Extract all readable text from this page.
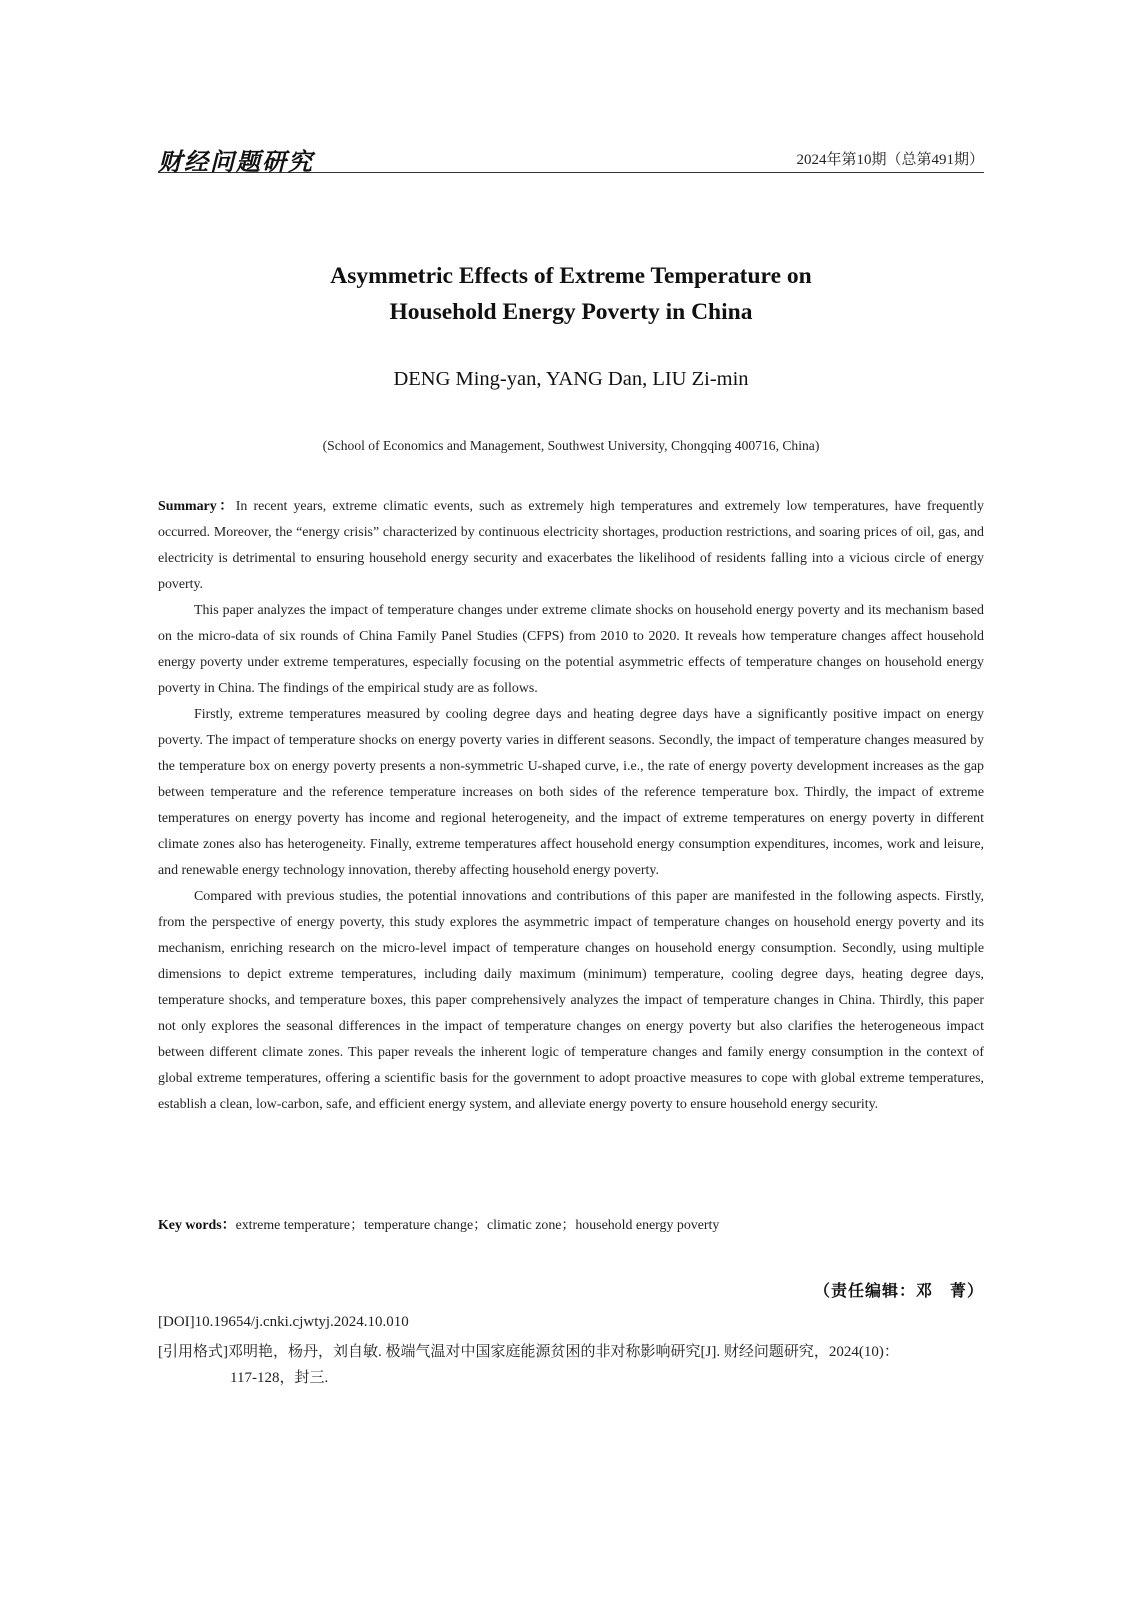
财经问题研究	2024年第10期（总第491期）
Asymmetric Effects of Extreme Temperature on
Household Energy Poverty in China
DENG Ming-yan, YANG Dan, LIU Zi-min
(School of Economics and Management, Southwest University, Chongqing 400716, China)

Summary：In recent years, extreme climatic events, such as extremely high temperatures and extremely low temperatures, have frequently occurred. Moreover, the “energy crisis” characterized by continuous electricity shortages, production restrictions, and soaring prices of oil, gas, and electricity is detrimental to ensuring household energy security and exacerbates the likelihood of residents falling into a vicious circle of energy poverty.

This paper analyzes the impact of temperature changes under extreme climate shocks on household energy poverty and its mechanism based on the micro-data of six rounds of China Family Panel Studies (CFPS) from 2010 to 2020. It reveals how temperature changes affect household energy poverty under extreme temperatures, especially focusing on the potential asymmetric effects of temperature changes on household energy poverty in China. The findings of the empirical study are as follows.

Firstly, extreme temperatures measured by cooling degree days and heating degree days have a significantly positive impact on energy poverty. The impact of temperature shocks on energy poverty varies in different seasons. Secondly, the impact of temperature changes measured by the temperature box on energy poverty presents a non-symmetric U-shaped curve, i.e., the rate of energy poverty development increases as the gap between temperature and the reference temperature increases on both sides of the reference temperature box. Thirdly, the impact of extreme temperatures on energy poverty has income and regional heterogeneity, and the impact of extreme temperatures on energy poverty in different climate zones also has heterogeneity. Finally, extreme temperatures affect household energy consumption expenditures, incomes, work and leisure, and renewable energy technology innovation, thereby affecting household energy poverty.

Compared with previous studies, the potential innovations and contributions of this paper are manifested in the following aspects. Firstly, from the perspective of energy poverty, this study explores the asymmetric impact of temperature changes on household energy poverty and its mechanism, enriching research on the micro-level impact of temperature changes on household energy consumption. Secondly, using multiple dimensions to depict extreme temperatures, including daily maximum (minimum) temperature, cooling degree days, heating degree days, temperature shocks, and temperature boxes, this paper comprehensively analyzes the impact of temperature changes in China. Thirdly, this paper not only explores the seasonal differences in the impact of temperature changes on energy poverty but also clarifies the heterogeneous impact between different climate zones. This paper reveals the inherent logic of temperature changes and family energy consumption in the context of global extreme temperatures, offering a scientific basis for the government to adopt proactive measures to cope with global extreme temperatures, establish a clean, low-carbon, safe, and efficient energy system, and alleviate energy poverty to ensure household energy security.

Key words：extreme temperature；temperature change；climatic zone；household energy poverty
（责任编辑：邓　菁）
[DOI]10.19654/j.cnki.cjwtyj.2024.10.010
[引用格式]邓明艳，杨丹，刘自敏. 极端气温对中国家庭能源贫困的非对称影响研究[J]. 财经问题研究，2024(10)：
117-128，封三.
